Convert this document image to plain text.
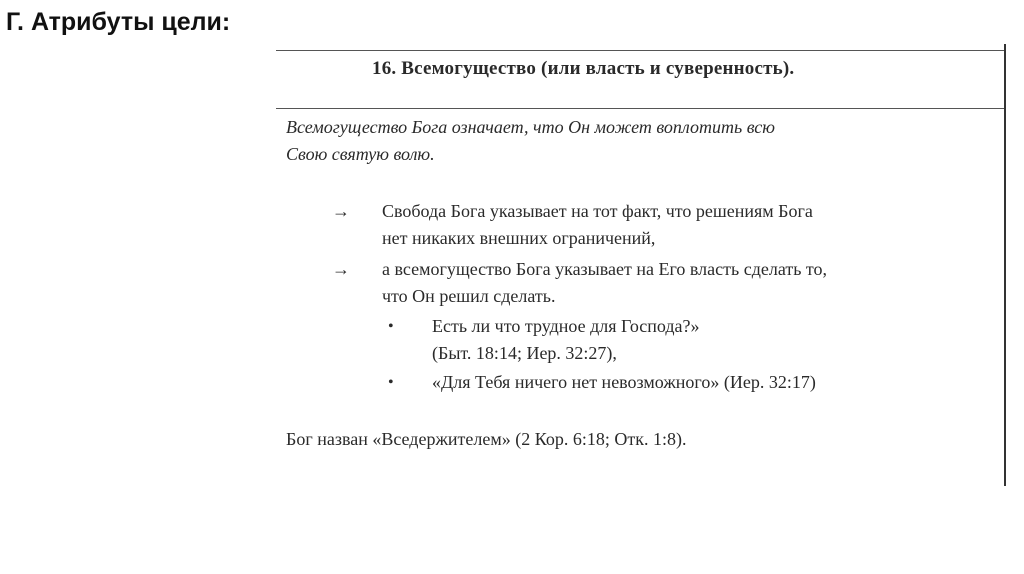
Г. Атрибуты цели:
16. Всемогущество (или власть и суверенность).
Всемогущество Бога означает, что Он может воплотить всю
Свою святую волю.
→ Свобода Бога указывает на тот факт, что решениям Бога
нет никаких внешних ограничений,
→ а всемогущество Бога указывает на Его власть сделать то,
что Он решил сделать.
• Есть ли что трудное для Господа?»
(Быт. 18:14; Иер. 32:27),
• «Для Тебя ничего нет невозможного» (Иер. 32:17)
Бог назван «Вседержителем» (2 Кор. 6:18; Отк. 1:8).
